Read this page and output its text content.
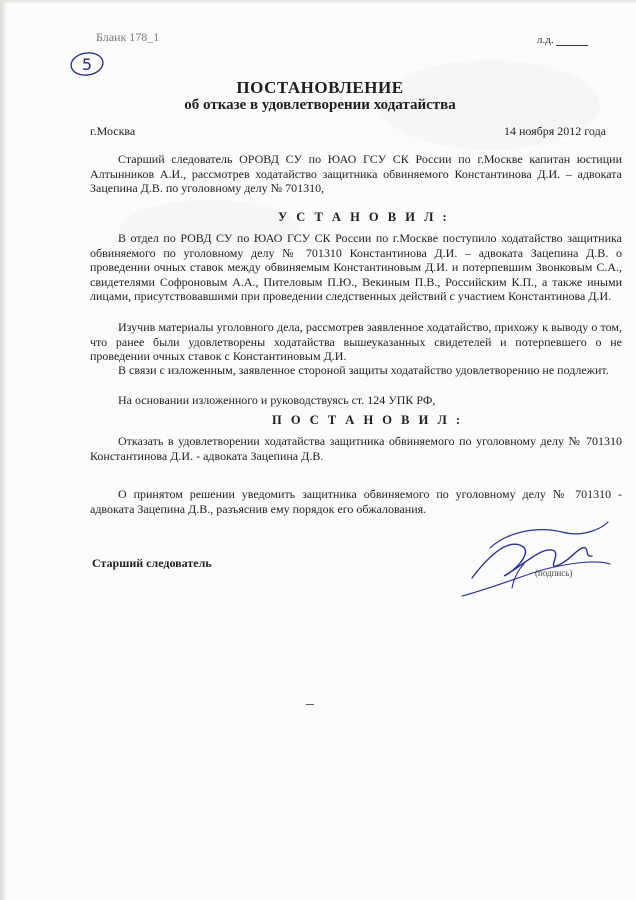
Бланк 178_1	л.д.
5
ПОСТАНОВЛЕНИЕ
об отказе в удовлетворении ходатайства
г.Москва	14 ноября 2012 года
Старший следователь ОРОВД СУ по ЮАО ГСУ СК России по г.Москве капитан юстиции Алтынников А.И., рассмотрев ходатайство защитника обвиняемого Константинова Д.И. – адвоката Зацепина Д.В. по уголовному делу № 701310,
У С Т А Н О В И Л :
В отдел по РОВД СУ по ЮАО ГСУ СК России по г.Москве поступило ходатайство защитника обвиняемого по уголовному делу № 701310 Константинова Д.И. – адвоката Зацепина Д.В. о проведении очных ставок между обвиняемым Константиновым Д.И. и потерпевшим Звонковым С.А., свидетелями Софроновым А.А., Пителовым П.Ю., Векиным П.В., Российским К.П., а также иными лицами, присутствовавшими при проведении следственных действий с участием Константинова Д.И.
Изучив материалы уголовного дела, рассмотрев заявленное ходатайство, прихожу к выводу о том, что ранее были удовлетворены ходатайства вышеуказанных свидетелей и потерпевшего о не проведении очных ставок с Константиновым Д.И.
В связи с изложенным, заявленное стороной защиты ходатайство удовлетворению не подлежит.
На основании изложенного и руководствуясь ст. 124 УПК РФ,
П О С Т А Н О В И Л :
Отказать в удовлетворении ходатайства защитника обвиняемого по уголовному делу № 701310 Константинова Д.И. - адвоката Зацепина Д.В.
О принятом решении уведомить защитника обвиняемого по уголовному делу № 701310 - адвоката Зацепина Д.В., разъяснив ему порядок его обжалования.
Старший следователь
(подпись)
